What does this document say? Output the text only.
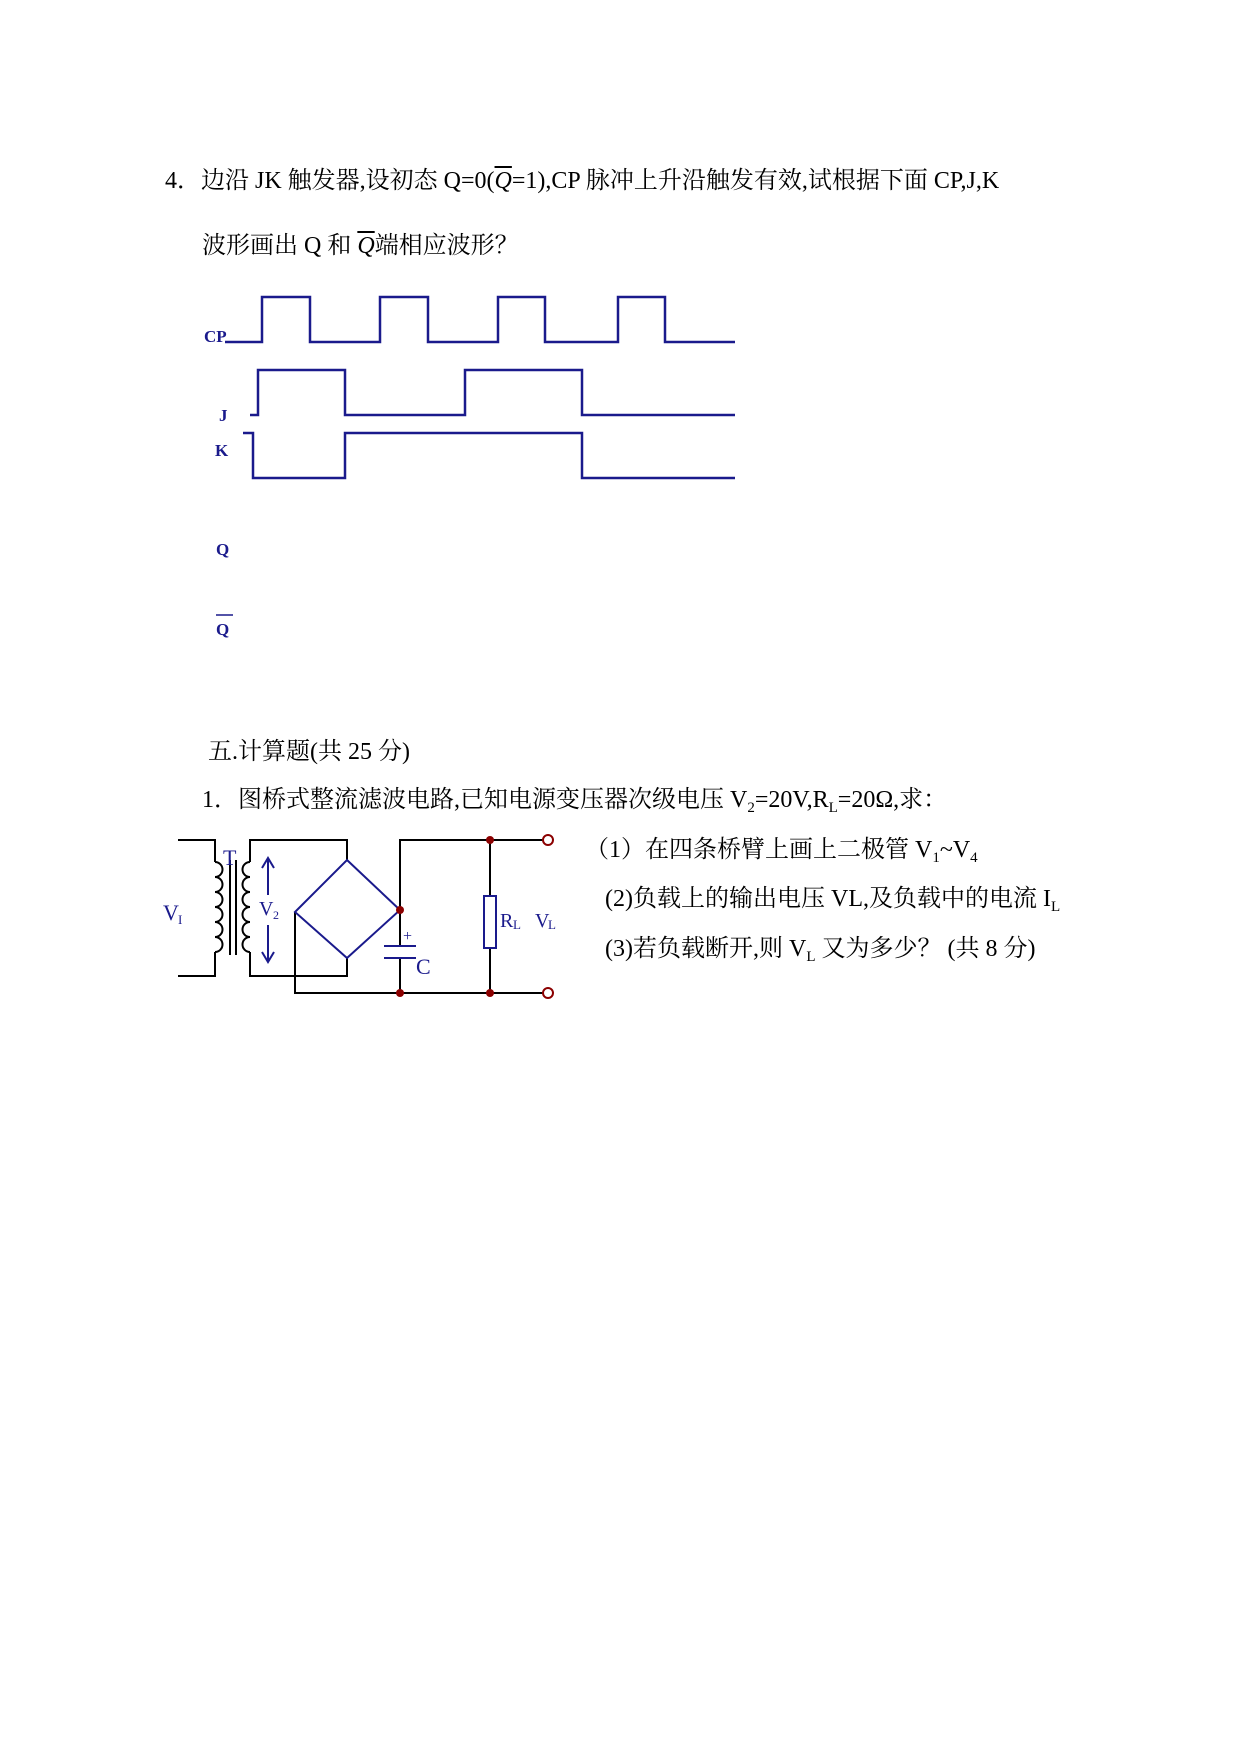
4．边沿 JK 触发器,设初态 $Q=0(\overline{Q}=1),CP$ 脉冲上升沿触发有效,试根据下面 CP,J,K
波形画出 Q 和 $\overline{Q}$端相应波形？
CP
J
K
Q
Q
五.计算题(共 25 分)
1．图桥式整流滤波电路,已知电源变压器次级电压 $V_2=20V,R_L=20\Omega$,求：
（1）在四条桥臂上画上二极管 $V_1\sim V_4$
(2)负载上的输出电压 VL,及负载中的电流 $I_L$
(3)若负载断开,则 $V_L$ 又为多少？ (共 8 分)
T
V I	V 2	R L V
L
C
+
